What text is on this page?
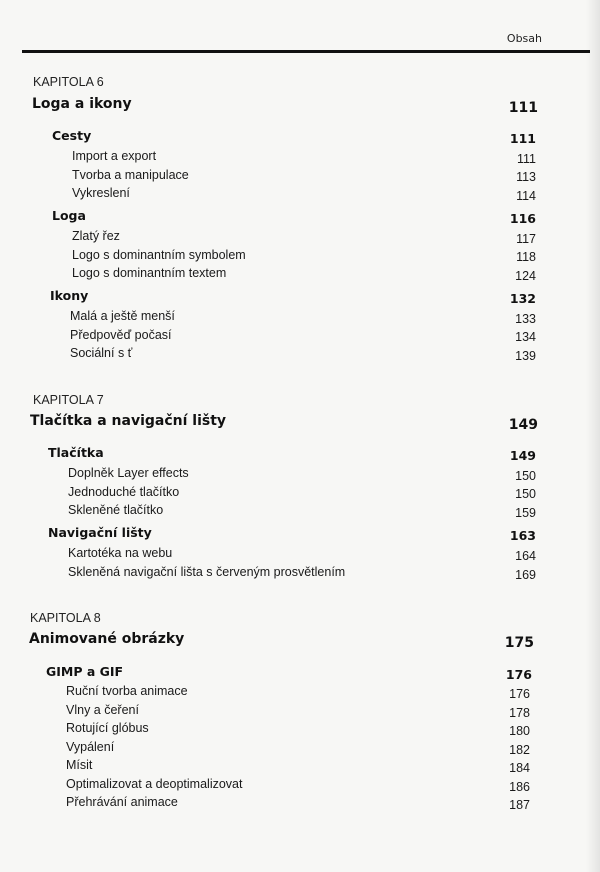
Obsah
KAPITOLA 6
Loga a ikony	111
Cesty	111
Import a export	111
Tvorba a manipulace	113
Vykreslení	114
Loga	116
Zlatý řez	117
Logo s dominantním symbolem	118
Logo s dominantním textem	124
Ikony	132
Malá a ještě menší	133
Předpověď počasí	134
Sociální s ť	139
KAPITOLA 7
Tlačítka a navigační lišty	149
Tlačítka	149
Doplněk Layer effects	150
Jednoduché tlačítko	150
Skleněné tlačítko	159
Navigační lišty	163
Kartotéka na webu	164
Skleněná navigační lišta s červeným prosvětlením	169
KAPITOLA 8
Animované obrázky	175
GIMP a GIF	176
Ruční tvorba animace	176
Vlny a čeření	178
Rotující glóbus	180
Vypálení	182
Mísit	184
Optimalizovat a deoptimalizovat	186
Přehrávání animace	187
